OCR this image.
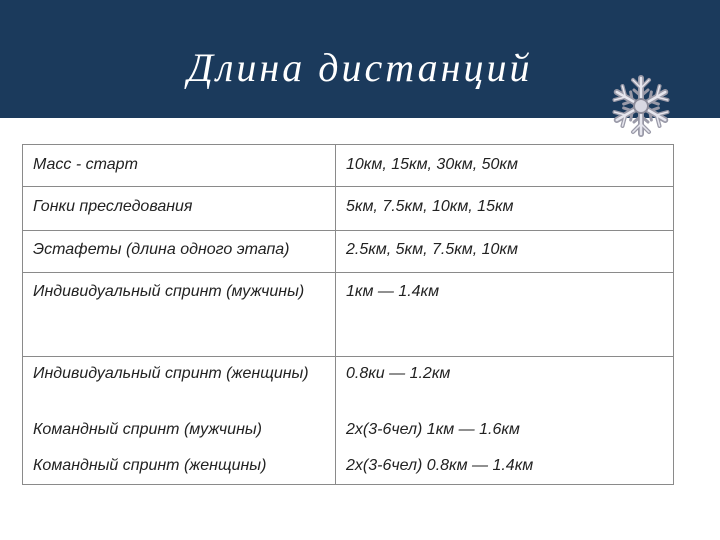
Длина дистанций
Масс - старт	10км, 15км, 30км, 50км
Гонки преследования	5км, 7.5км, 10км, 15км
Эстафеты (длина одного этапа)	2.5км, 5км, 7.5км, 10км
Индивидуальный спринт (мужчины)	1км — 1.4км
Индивидуальный спринт (женщины)	0.8ки — 1.2км
Командный спринт (мужчины)	2х(3-6чел) 1км — 1.6км
Командный спринт (женщины)	2х(3-6чел) 0.8км — 1.4км
